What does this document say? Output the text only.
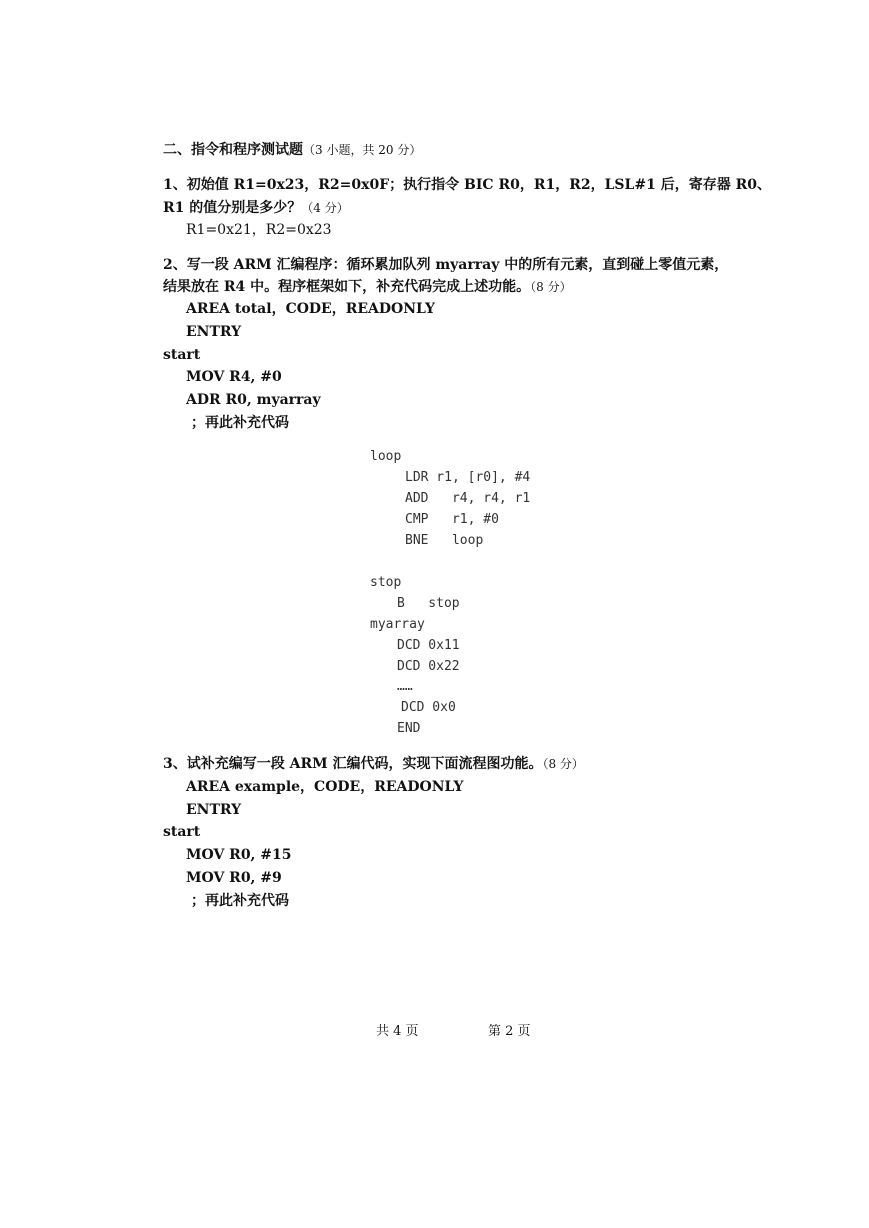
二、指令和程序测试题（3 小题，共 20 分）
1、初始值 R1=0x23，R2=0x0F；执行指令 BIC R0，R1，R2，LSL#1 后，寄存器 R0、
R1 的值分别是多少？（4 分）
R1=0x21，R2=0x23
2、写一段 ARM 汇编程序：循环累加队列 myarray 中的所有元素，直到碰上零值元素，
结果放在 R4 中。程序框架如下，补充代码完成上述功能。（8 分）
AREA total，CODE，READONLY
ENTRY
start
MOV R4, #0
ADR R0, myarray
；再此补充代码
loop
LDR r1, [r0], #4
ADD   r4, r4, r1
CMP   r1, #0
BNE   loop
stop
B   stop
myarray
DCD 0x11
DCD 0x22
……
DCD 0x0
END
3、试补充编写一段 ARM 汇编代码，实现下面流程图功能。（8 分）
AREA example，CODE，READONLY
ENTRY
start
MOV R0, #15
MOV R0, #9
；再此补充代码
共 4 页	第 2 页
